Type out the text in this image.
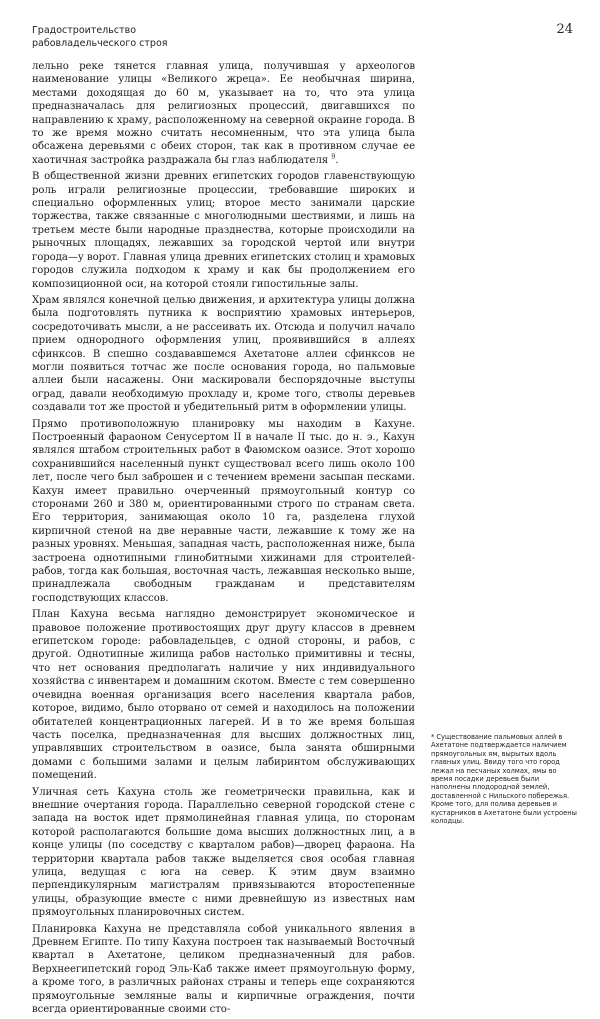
Градостроительство
рабовладельческого строя
24

лельно реке тянется главная улица, получившая у археологов наименование улицы «Великого жреца». Ее необычная ширина, местами доходящая до 60 м, указывает на то, что эта улица предназначалась для религиозных процессий, двигавшихся по направлению к храму, расположенному на северной окраине города. В то же время можно считать несомненным, что эта улица была обсажена деревьями с обеих сторон, так как в противном случае ее хаотичная застройка раздражала бы глаз наблюдателя $^9$.

В общественной жизни древних египетских городов главенствующую роль играли религиозные процессии, требовавшие широких и специально оформленных улиц; второе место занимали царские торжества, также связанные с многолюдными шествиями, и лишь на третьем месте были народные празднества, которые происходили на рыночных площадях, лежавших за городской чертой или внутри города—у ворот. Главная улица древних египетских столиц и храмовых городов служила подходом к храму и как бы продолжением его композиционной оси, на которой стояли гипостильные залы.

Храм являлся конечной целью движения, и архитектура улицы должна была подготовлять путника к восприятию храмовых интерьеров, сосредоточивать мысли, а не рассеивать их. Отсюда и получил начало прием однородного оформления улиц, проявившийся в аллеях сфинксов. В спешно создававшемся Ахетатоне аллеи сфинксов не могли появиться тотчас же после основания города, но пальмовые аллеи были насажены. Они маскировали беспорядочные выступы оград, давали необходимую прохладу и, кроме того, стволы деревьев создавали тот же простой и убедительный ритм в оформлении улицы.

Прямо противоположную планировку мы находим в Кахуне. Построенный фараоном Сенусертом II в начале II тыс. до н. э., Кахун являлся штабом строительных работ в Фаюмском оазисе. Этот хорошо сохранившийся населенный пункт существовал всего лишь около 100 лет, после чего был заброшен и с течением времени засыпан песками. Кахун имеет правильно очерченный прямоугольный контур со сторонами 260 и 380 м, ориентированными строго по странам света. Его территория, занимающая около 10 га, разделена глухой кирпичной стеной на две неравные части, лежавшие к тому же на разных уровнях. Меньшая, западная часть, расположенная ниже, была застроена однотипными глинобитными хижинами для строителей-рабов, тогда как большая, восточная часть, лежавшая несколько выше, принадлежала свободным гражданам и представителям господствующих классов.

План Кахуна весьма наглядно демонстрирует экономическое и правовое положение противостоящих друг другу классов в древнем египетском городе: рабовладельцев, с одной стороны, и рабов, с другой. Однотипные жилища рабов настолько примитивны и тесны, что нет основания предполагать наличие у них индивидуального хозяйства с инвентарем и домашним скотом. Вместе с тем совершенно очевидна военная организация всего населения квартала рабов, которое, видимо, было оторвано от семей и находилось на положении обитателей концентрационных лагерей. И в то же время большая часть поселка, предназначенная для высших должностных лиц, управлявших строительством в оазисе, была занята обширными домами с большими залами и целым лабиринтом обслуживающих помещений.

Уличная сеть Кахуна столь же геометрически правильна, как и внешние очертания города. Параллельно северной городской стене с запада на восток идет прямолинейная главная улица, по сторонам которой располагаются большие дома высших должностных лиц, а в конце улицы (по соседству с кварталом рабов)—дворец фараона. На территории квартала рабов также выделяется своя особая главная улица, ведущая с юга на север. К этим двум взаимно перпендикулярным магистралям привязываются второстепенные улицы, образующие вместе с ними древнейшую из известных нам прямоугольных планировочных систем.

Планировка Кахуна не представляла собой уникального явления в Древнем Египте. По типу Кахуна построен так называемый Восточный квартал в Ахетатоне, целиком предназначенный для рабов. Верхнеегипетский город Эль-Каб также имеет прямоугольную форму, а кроме того, в различных районах страны и теперь еще сохраняются прямоугольные земляные валы и кирпичные ограждения, почти всегда ориентированные своими сто-

* Существование пальмовых аллей в Ахетатоне подтверждается наличием прямоугольных ям, вырытых вдоль главных улиц. Ввиду того что город лежал на песчаных холмах, ямы во время посадки деревьев были наполнены плодородной землей, доставленной с Нильского побережья. Кроме того, для полива деревьев и кустарников в Ахетатоне были устроены колодцы.
